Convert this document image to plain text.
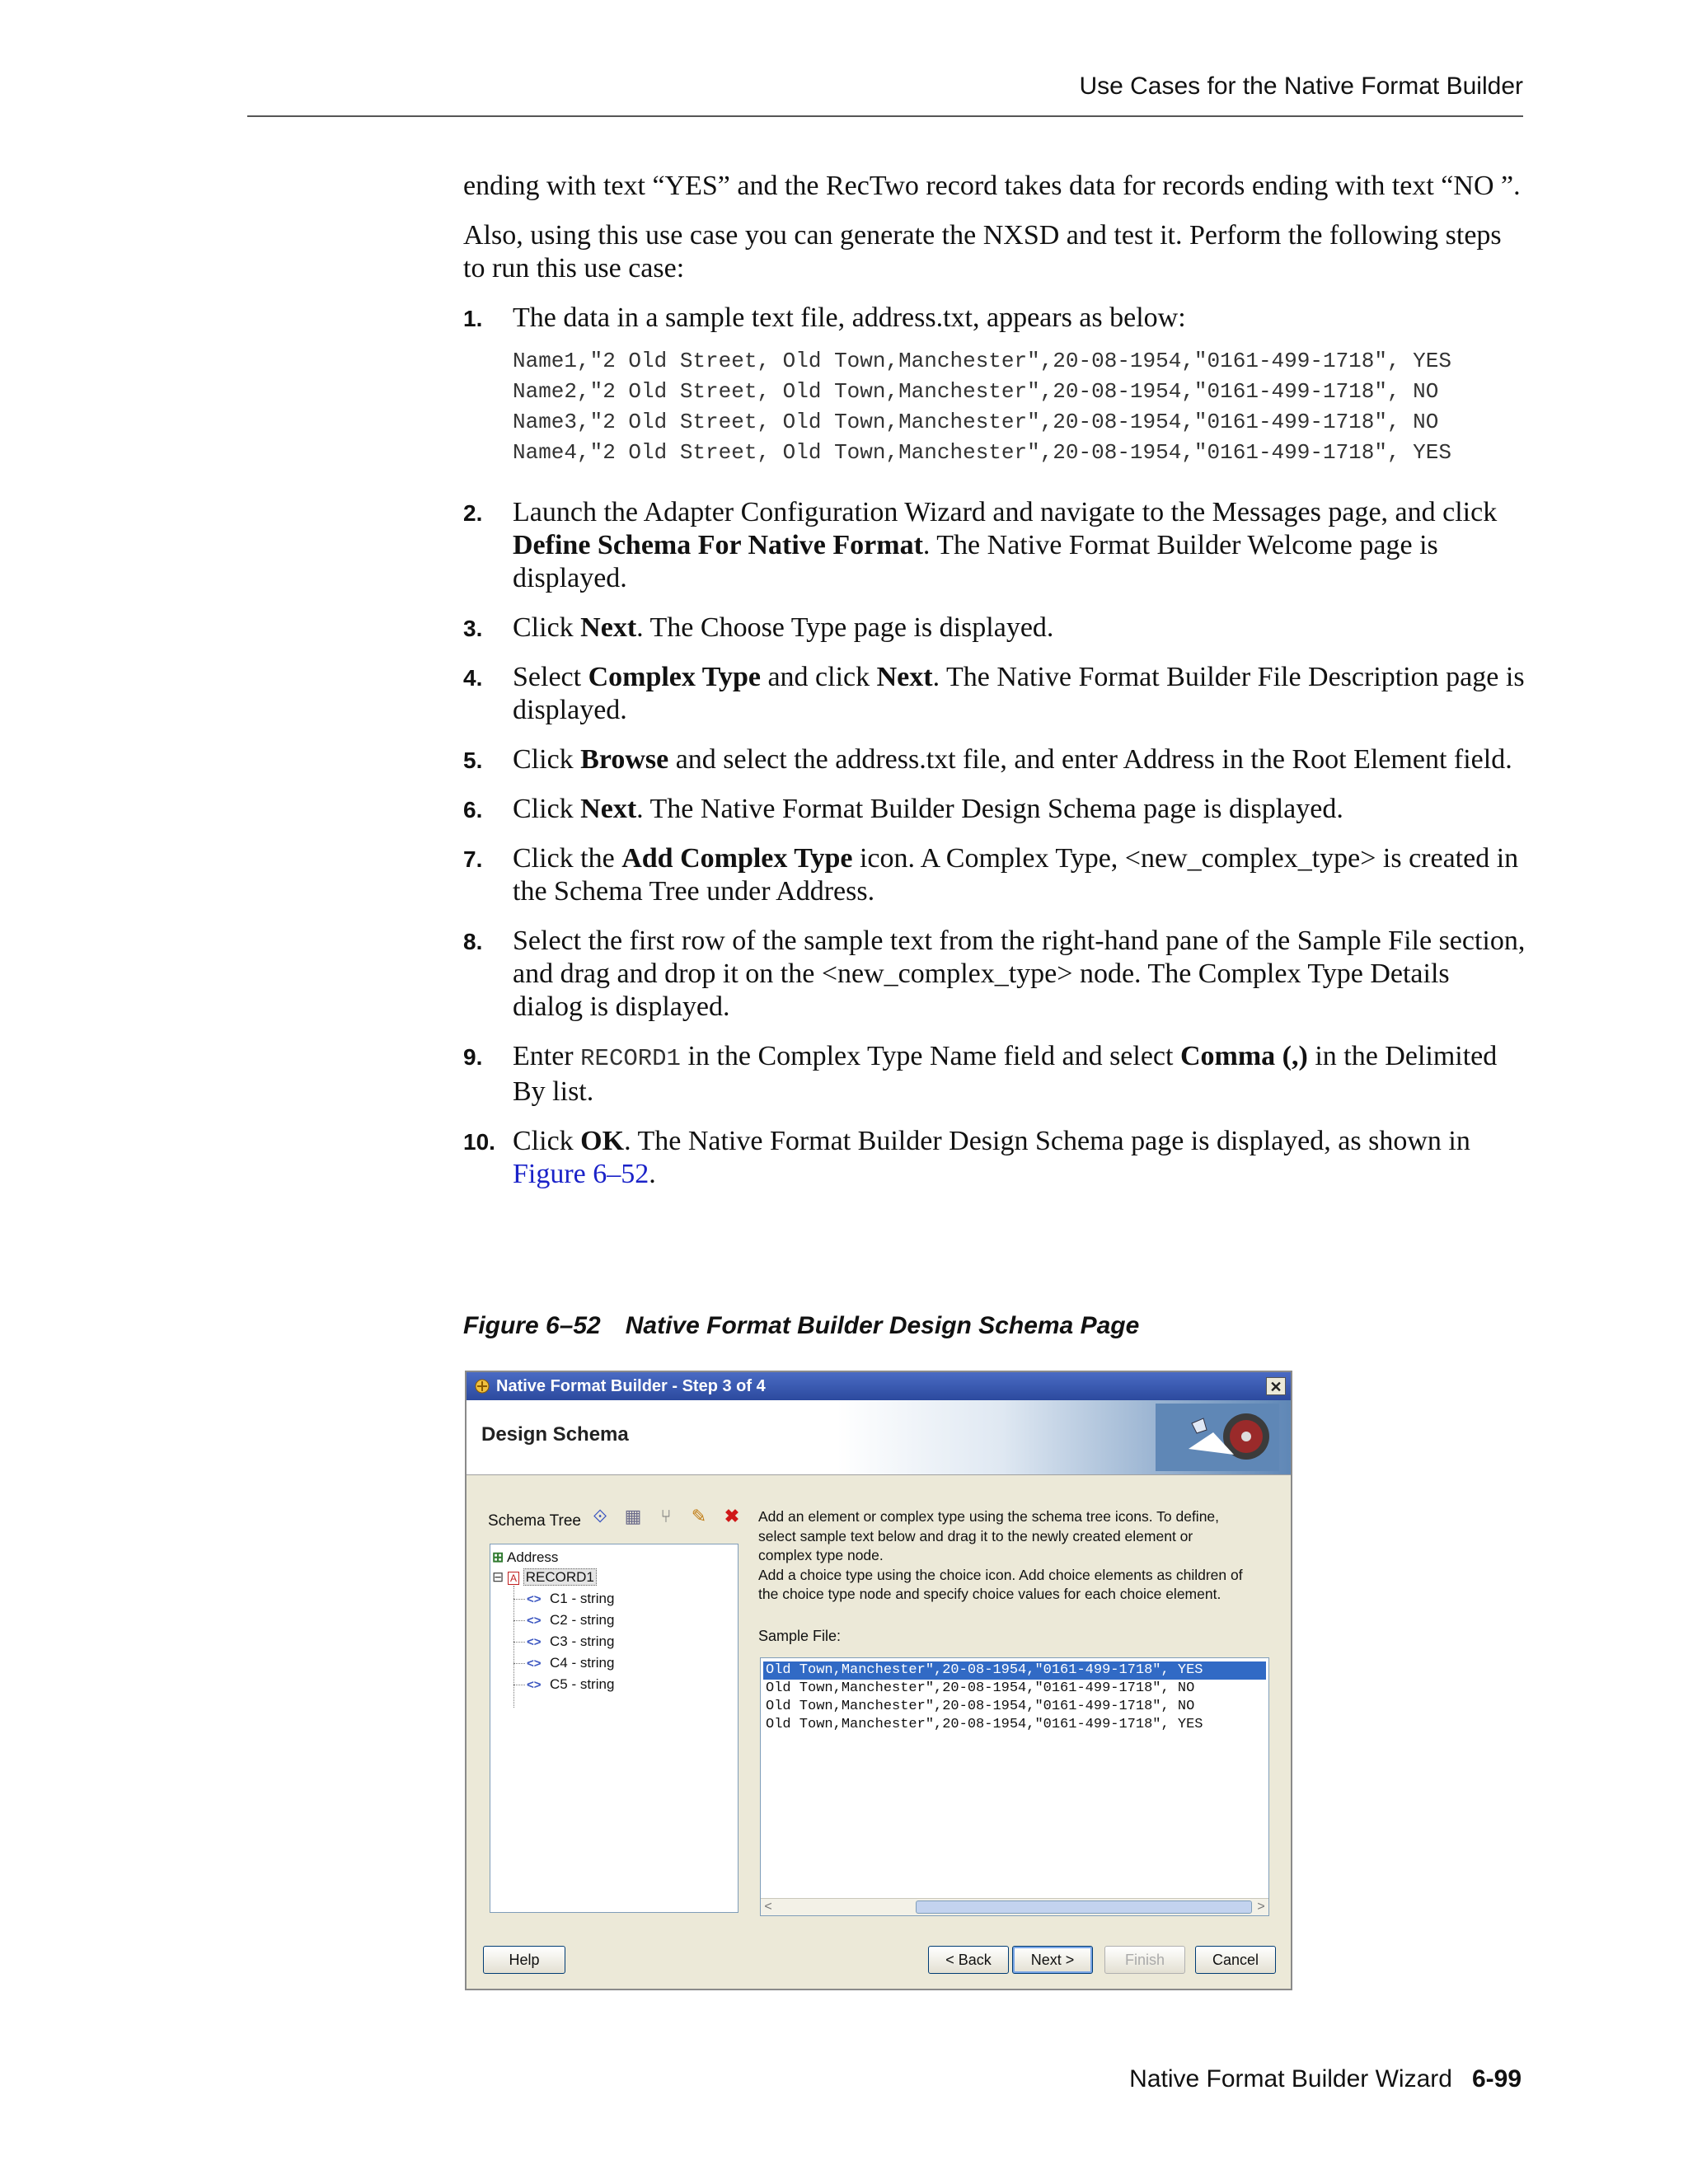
Use Cases for the Native Format Builder

ending with text “YES” and the RecTwo record takes data for records ending with text “NO ”.

Also, using this use case you can generate the NXSD and test it. Perform the following steps to run this use case:

1. The data in a sample text file, address.txt, appears as below:
Name1,"2 Old Street, Old Town,Manchester",20-08-1954,"0161-499-1718", YES
Name2,"2 Old Street, Old Town,Manchester",20-08-1954,"0161-499-1718", NO
Name3,"2 Old Street, Old Town,Manchester",20-08-1954,"0161-499-1718", NO
Name4,"2 Old Street, Old Town,Manchester",20-08-1954,"0161-499-1718", YES
2. Launch the Adapter Configuration Wizard and navigate to the Messages page, and click Define Schema For Native Format. The Native Format Builder Welcome page is displayed.
3. Click Next. The Choose Type page is displayed.
4. Select Complex Type and click Next. The Native Format Builder File Description page is displayed.
5. Click Browse and select the address.txt file, and enter Address in the Root Element field.
6. Click Next. The Native Format Builder Design Schema page is displayed.
7. Click the Add Complex Type icon. A Complex Type, <new_complex_type> is created in the Schema Tree under Address.
8. Select the first row of the sample text from the right-hand pane of the Sample File section, and drag and drop it on the <new_complex_type> node. The Complex Type Details dialog is displayed.
9. Enter RECORD1 in the Complex Type Name field and select Comma (,) in the Delimited By list.
10. Click OK. The Native Format Builder Design Schema page is displayed, as shown in Figure 6–52.
Figure 6–52 Native Format Builder Design Schema Page
Native Format Builder - Step 3 of 4	✕
Design Schema
Schema Tree ⟐ ▦	⑂	✎ ✖
⊞ Address
⊟ A RECORD1
<> C1 - string
<> C2 - string
<> C3 - string
<> C4 - string
<> C5 - string
Add an element or complex type using the schema tree icons. To define,
select sample text below and drag it to the newly created element or
complex type node.
Add a choice type using the choice icon. Add choice elements as children of
the choice type node and specify choice values for each choice element.
Sample File:
Old Town,Manchester",20-08-1954,"0161-499-1718", YES
Old Town,Manchester",20-08-1954,"0161-499-1718", NO
Old Town,Manchester",20-08-1954,"0161-499-1718", NO
Old Town,Manchester",20-08-1954,"0161-499-1718", YES
<	>
Help	< Back	Next >	Finish	Cancel
Native Format Builder Wizard 6-99
